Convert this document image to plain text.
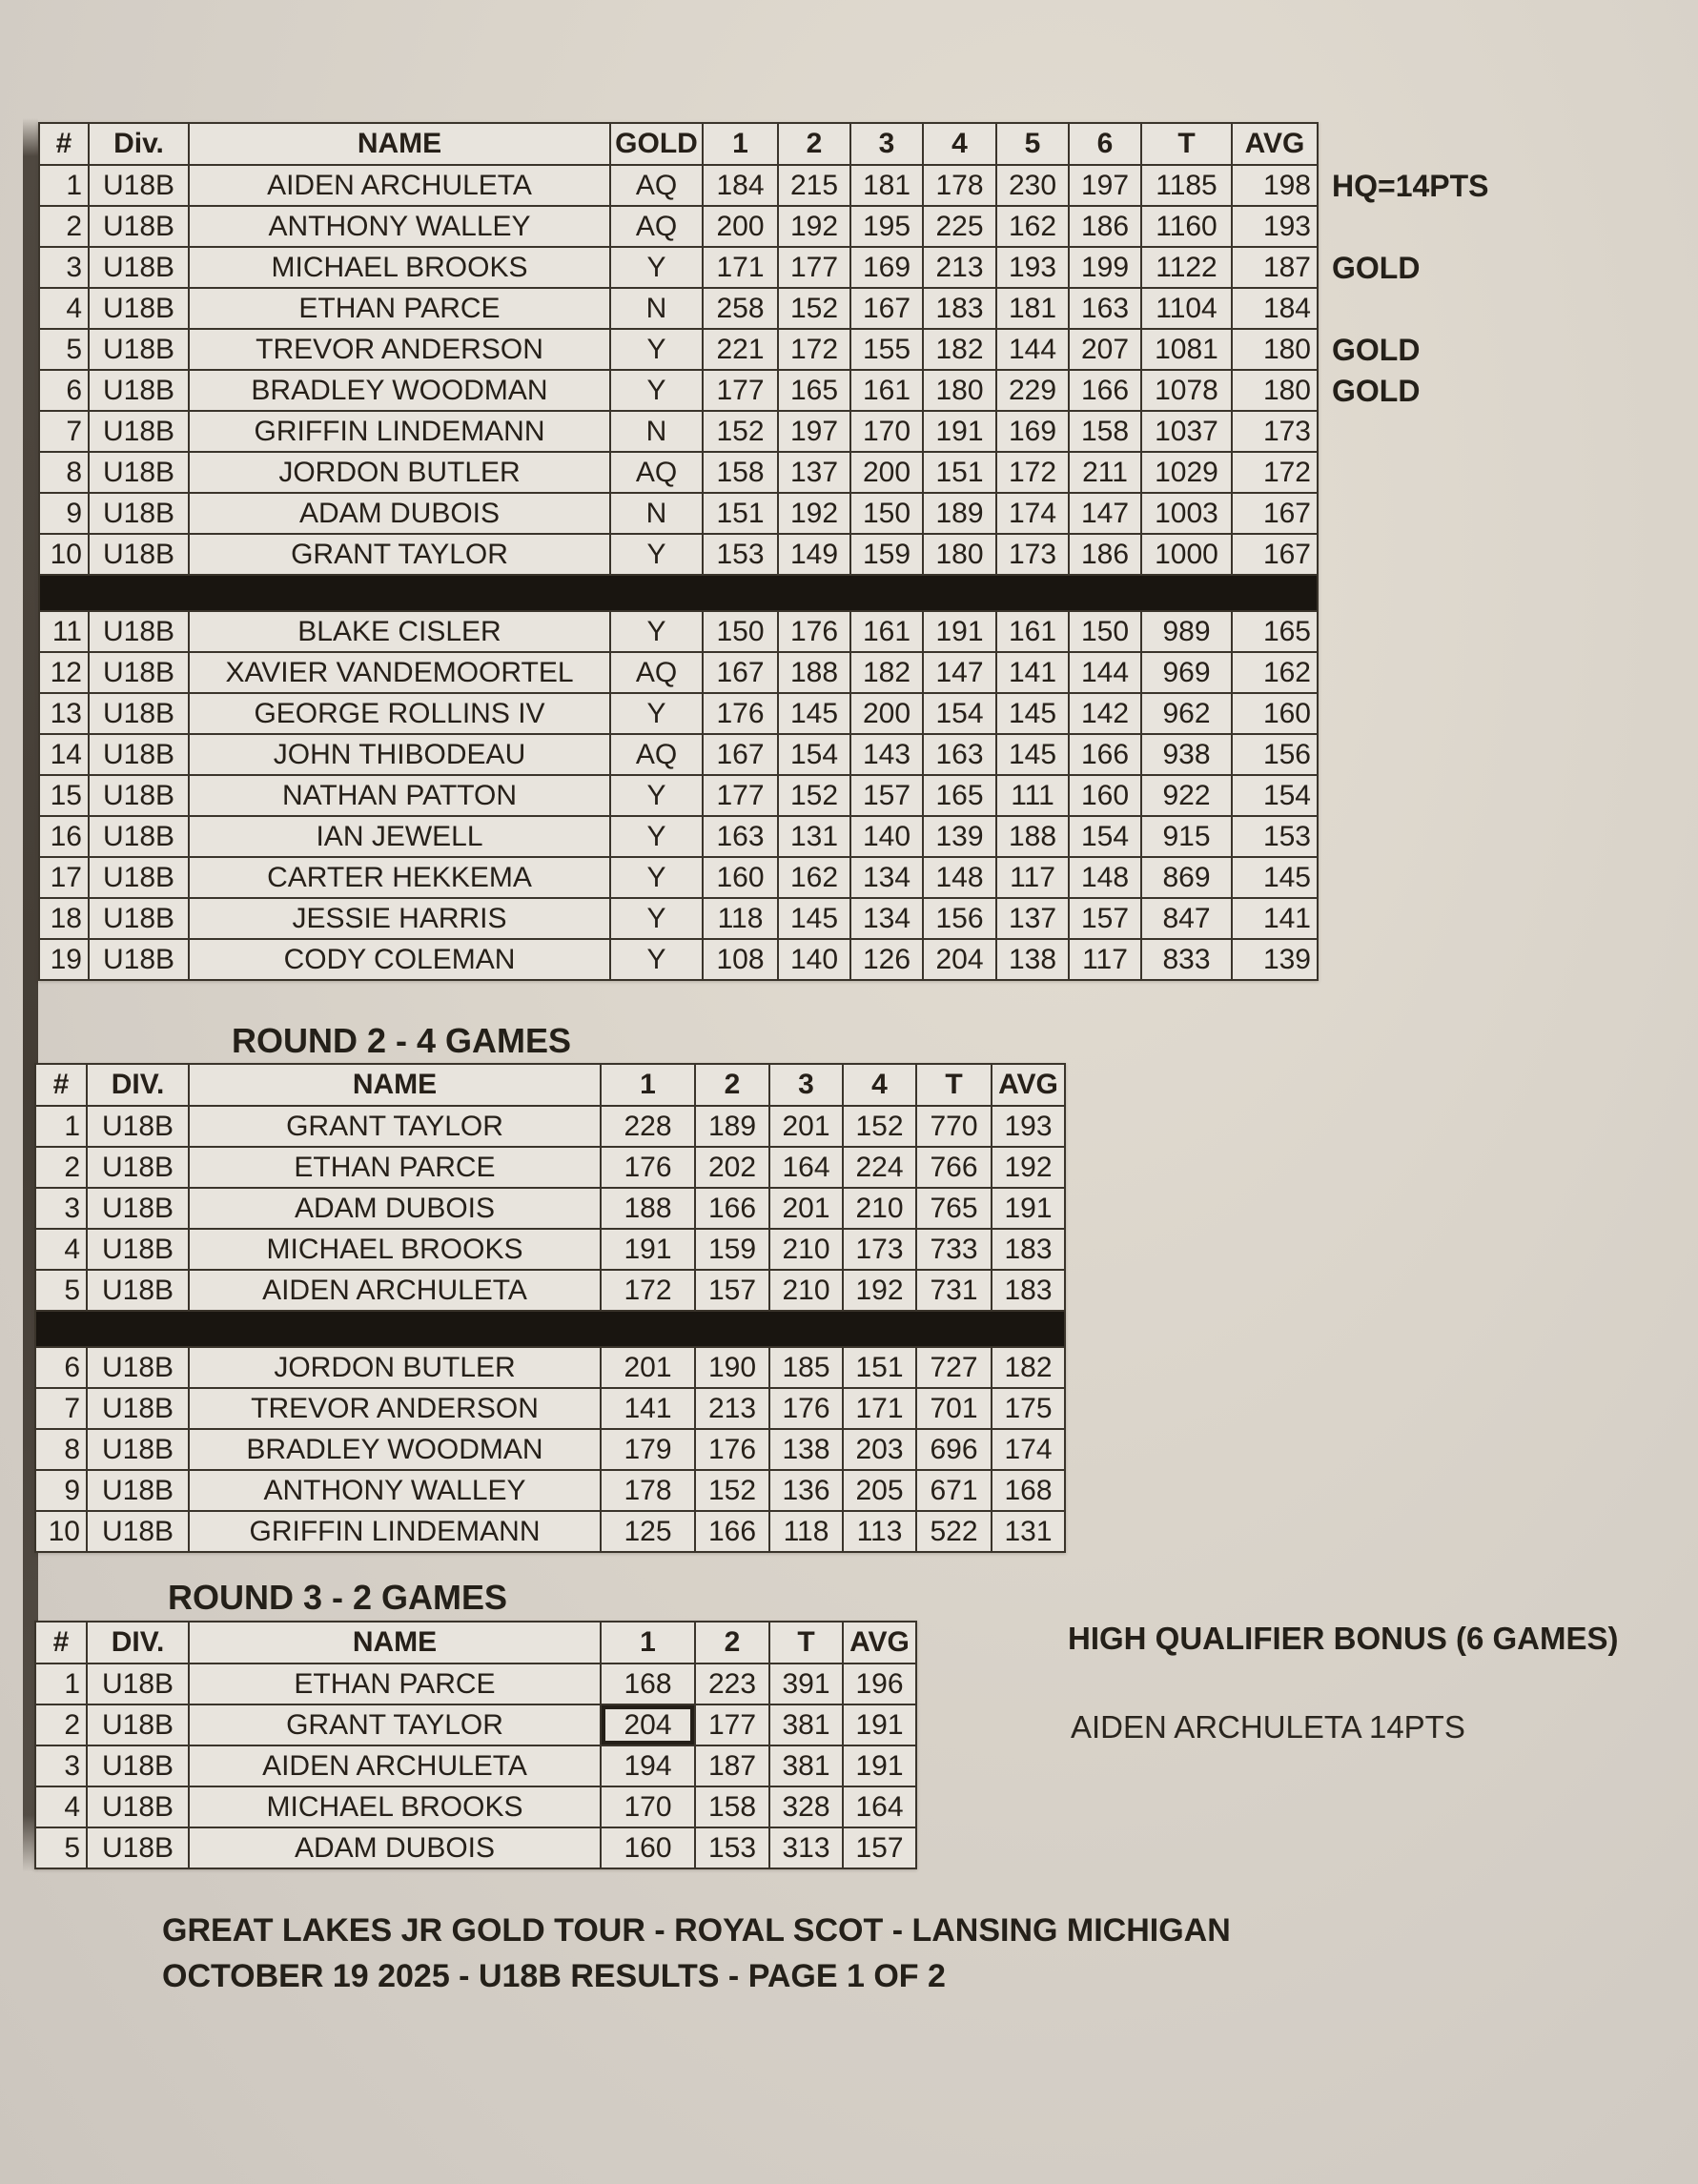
#	Div.	NAME	GOLD	1	2	3	4	5	6	T	AVG
1 U18B	AIDEN ARCHULETA	AQ	184 215 181 178 230 197 1185	198
2 U18B	ANTHONY WALLEY	AQ	200 192 195 225 162 186 1160	193
3 U18B	MICHAEL BROOKS	Y	171 177 169 213 193 199 1122	187
4 U18B	ETHAN PARCE	N	258 152 167 183 181 163 1104	184
5 U18B	TREVOR ANDERSON	Y	221 172 155 182 144 207 1081	180
6 U18B	BRADLEY WOODMAN	Y	177 165 161 180 229 166 1078	180
7 U18B	GRIFFIN LINDEMANN	N	152 197 170 191 169 158 1037	173
8 U18B	JORDON BUTLER	AQ	158 137 200 151 172 211 1029	172
9 U18B	ADAM DUBOIS	N	151 192 150 189 174 147 1003	167
10 U18B	GRANT TAYLOR	Y	153 149 159 180 173 186 1000	167
11 U18B	BLAKE CISLER	Y	150 176 161 191 161 150	989	165
12 U18B	XAVIER VANDEMOORTEL	AQ	167 188 182 147 141 144	969	162
13 U18B	GEORGE ROLLINS IV	Y	176 145 200 154 145 142	962	160
14 U18B	JOHN THIBODEAU	AQ	167 154 143 163 145 166	938	156
15 U18B	NATHAN PATTON	Y	177 152 157 165 111 160	922	154
16 U18B	IAN JEWELL	Y	163 131 140 139 188 154	915	153
17 U18B	CARTER HEKKEMA	Y	160 162 134 148 117 148	869	145
18 U18B	JESSIE HARRIS	Y	118 145 134 156 137 157	847	141
19 U18B	CODY COLEMAN	Y	108 140 126 204 138 117	833	139
HQ=14PTS
GOLD
GOLD
GOLD
ROUND 2 - 4 GAMES
#	DIV.	NAME	1	2	3	4	T	AVG
1 U18B	GRANT TAYLOR	228	189 201 152 770 193
2 U18B	ETHAN PARCE	176	202 164 224 766 192
3 U18B	ADAM DUBOIS	188	166 201 210 765 191
4 U18B	MICHAEL BROOKS	191	159 210 173 733 183
5 U18B	AIDEN ARCHULETA	172	157 210 192 731 183
6 U18B	JORDON BUTLER	201	190 185 151 727 182
7 U18B	TREVOR ANDERSON	141	213 176 171 701 175
8 U18B	BRADLEY WOODMAN	179	176 138 203 696 174
9 U18B	ANTHONY WALLEY	178	152 136 205 671 168
10 U18B	GRIFFIN LINDEMANN	125	166 118 113 522 131
ROUND 3 - 2 GAMES
#	DIV.	NAME	1	2	T	AVG
1 U18B	ETHAN PARCE	168	223 391 196
2 U18B	GRANT TAYLOR	204	177 381 191
3 U18B	AIDEN ARCHULETA	194	187 381 191
4 U18B	MICHAEL BROOKS	170	158 328 164
5 U18B	ADAM DUBOIS	160	153 313 157
HIGH QUALIFIER BONUS (6 GAMES)
AIDEN ARCHULETA 14PTS
GREAT LAKES JR GOLD TOUR - ROYAL SCOT - LANSING MICHIGAN
OCTOBER 19 2025 - U18B RESULTS - PAGE 1 OF 2
